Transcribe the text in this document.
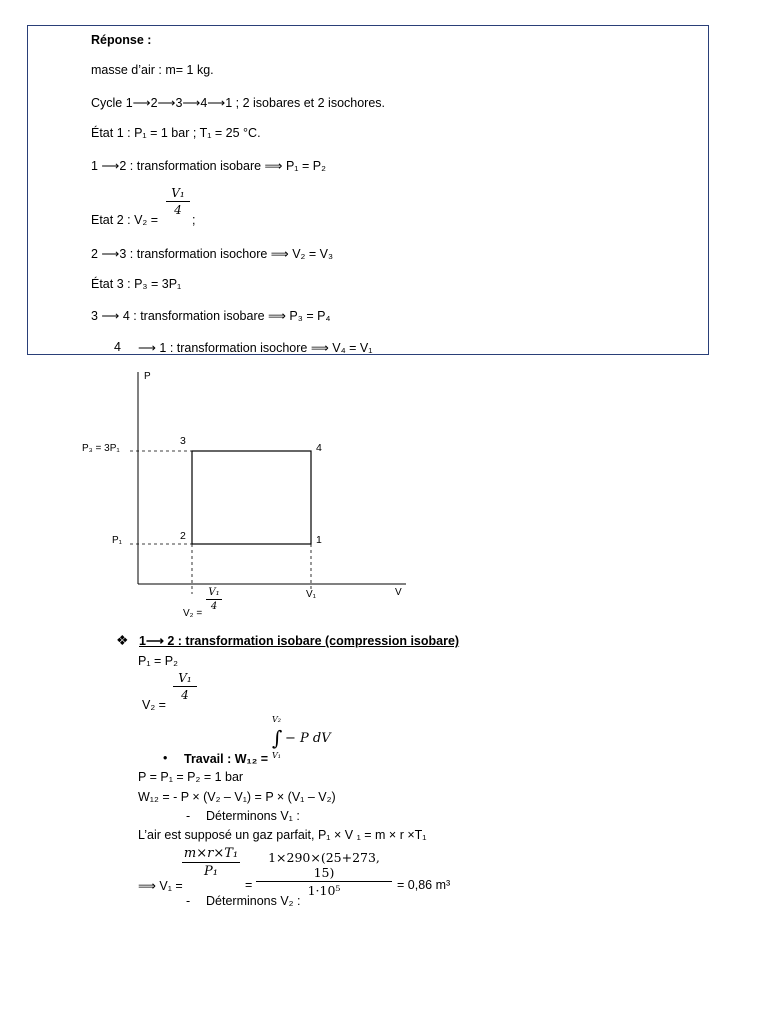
Réponse :
masse d’air : m= 1 kg.
Cycle 1⟶2⟶3⟶4⟶1 ; 2 isobares et 2 isochores.
État 1 : P₁ = 1 bar ; T₁ = 25 °C.
1 ⟶2 : transformation isobare ⟹ P₁ = P₂
Etat 2 : V₂ =
V₁
4
;
2 ⟶3 : transformation isochore ⟹ V₂ = V₃
État 3 : P₃ = 3P₁
3 ⟶ 4 : transformation isobare ⟹ P₃ = P₄
4 ⟶ 1 : transformation isochore ⟹ V₄ = V₁
P
V
P₃ = 3P₁
P₁
V₁
V₂ =
V₁
4
3
4
2	1
❖ 1⟶ 2 : transformation isobare (compression isobare)
P₁ = P₂
V₂ =
V₁
4
• Travail : W₁₂ =
V₂
∫
V₁
− P dV
P = P₁ = P₂ = 1 bar
W₁₂ = - P × (V₂ – V₁) = P × (V₁ – V₂)
- Déterminons V₁ :
L’air est supposé un gaz parfait, P₁ × V ₁ = m × r ×T₁
⟹ V₁ =
m×r×T₁
P₁
=
1×290×(25+273, 15)
1·10⁵	= 0,86 m³
- Déterminons V₂ :
